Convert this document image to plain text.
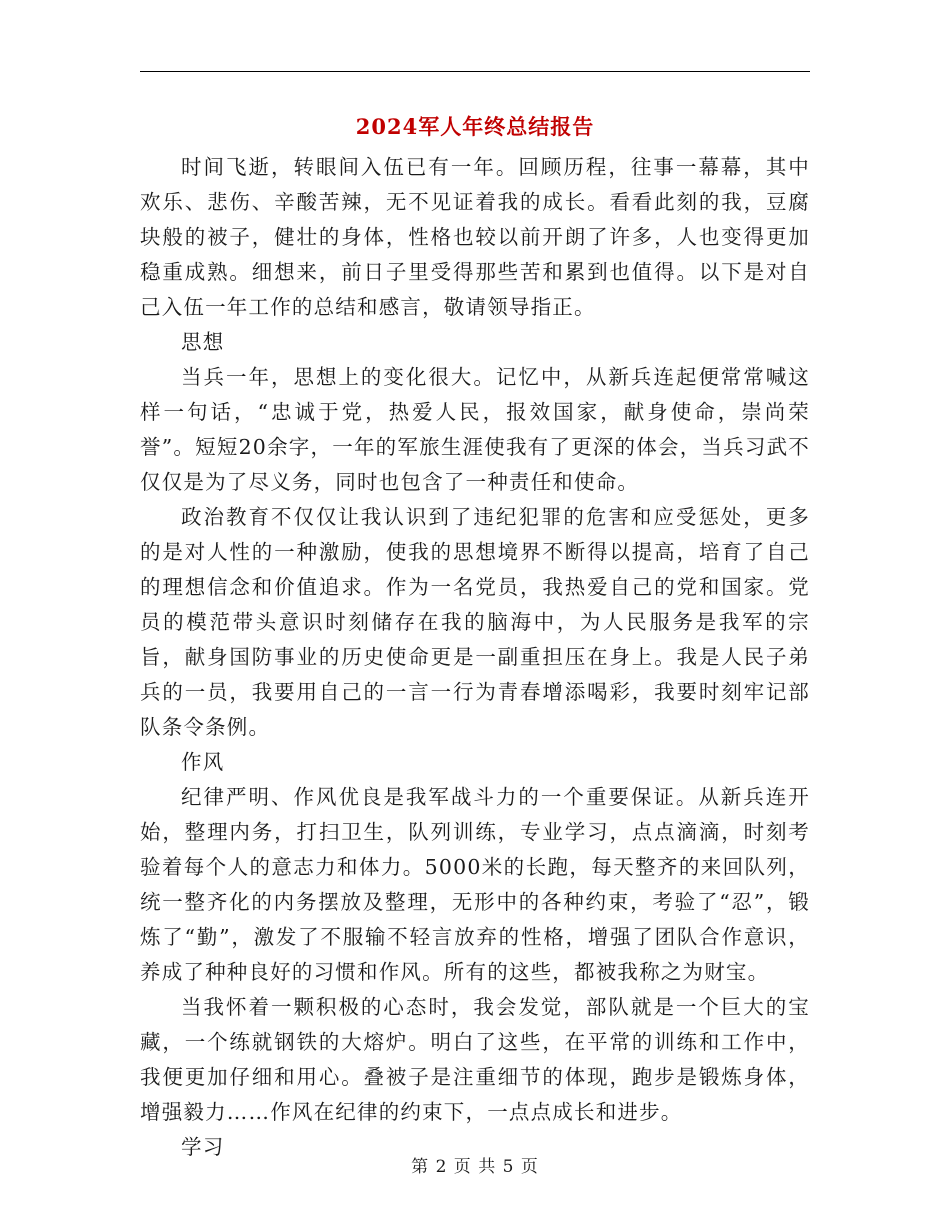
2024军人年终总结报告

时间飞逝，转眼间入伍已有一年。回顾历程，往事一幕幕，其中欢乐、悲伤、辛酸苦辣，无不见证着我的成长。看看此刻的我，豆腐块般的被子，健壮的身体，性格也较以前开朗了许多，人也变得更加稳重成熟。细想来，前日子里受得那些苦和累到也值得。以下是对自己入伍一年工作的总结和感言，敬请领导指正。

思想

当兵一年，思想上的变化很大。记忆中，从新兵连起便常常喊这样一句话，“忠诚于党，热爱人民，报效国家，献身使命，崇尚荣誉”。短短20余字，一年的军旅生涯使我有了更深的体会，当兵习武不仅仅是为了尽义务，同时也包含了一种责任和使命。

政治教育不仅仅让我认识到了违纪犯罪的危害和应受惩处，更多的是对人性的一种激励，使我的思想境界不断得以提高，培育了自己的理想信念和价值追求。作为一名党员，我热爱自己的党和国家。党员的模范带头意识时刻储存在我的脑海中，为人民服务是我军的宗旨，献身国防事业的历史使命更是一副重担压在身上。我是人民子弟兵的一员，我要用自己的一言一行为青春增添喝彩，我要时刻牢记部队条令条例。

作风

纪律严明、作风优良是我军战斗力的一个重要保证。从新兵连开始，整理内务，打扫卫生，队列训练，专业学习，点点滴滴，时刻考验着每个人的意志力和体力。5000米的长跑，每天整齐的来回队列，统一整齐化的内务摆放及整理，无形中的各种约束，考验了“忍”，锻炼了“勤”，激发了不服输不轻言放弃的性格，增强了团队合作意识，养成了种种良好的习惯和作风。所有的这些，都被我称之为财宝。

当我怀着一颗积极的心态时，我会发觉，部队就是一个巨大的宝藏，一个练就钢铁的大熔炉。明白了这些，在平常的训练和工作中，我便更加仔细和用心。叠被子是注重细节的体现，跑步是锻炼身体，增强毅力……作风在纪律的约束下，一点点成长和进步。

学习

第 2 页 共 5 页
